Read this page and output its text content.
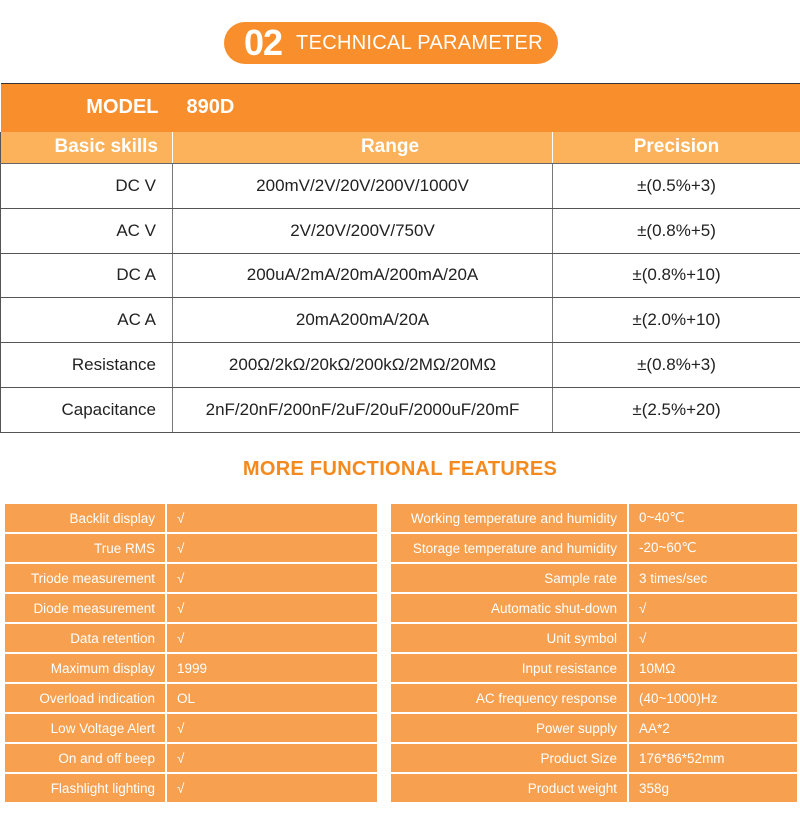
02 TECHNICAL PARAMETER
MODEL	890D	
Basic skills	Range	Precision
DC V	200mV/2V/20V/200V/1000V	±(0.5%+3)
AC V	2V/20V/200V/750V	±(0.8%+5)
DC A	200uA/2mA/20mA/200mA/20A	±(0.8%+10)
AC A	20mA200mA/20A	±(2.0%+10)
Resistance	200Ω/2kΩ/20kΩ/200kΩ/2MΩ/20MΩ	±(0.8%+3)
Capacitance	2nF/20nF/200nF/2uF/20uF/2000uF/20mF	±(2.5%+20)
MORE FUNCTIONAL FEATURES
Backlit display	√
True RMS	√
Triode measurement	√
Diode measurement	√
Data retention	√
Maximum display	1999
Overload indication	OL
Low Voltage Alert	√
On and off beep	√
Flashlight lighting	√
Working temperature and humidity	0~40℃
Storage temperature and humidity	-20~60℃
Sample rate	3 times/sec
Automatic shut-down	√
Unit symbol	√
Input resistance	10MΩ
AC frequency response	(40~1000)Hz
Power supply	AA*2
Product Size	176*86*52mm
Product weight	358g
